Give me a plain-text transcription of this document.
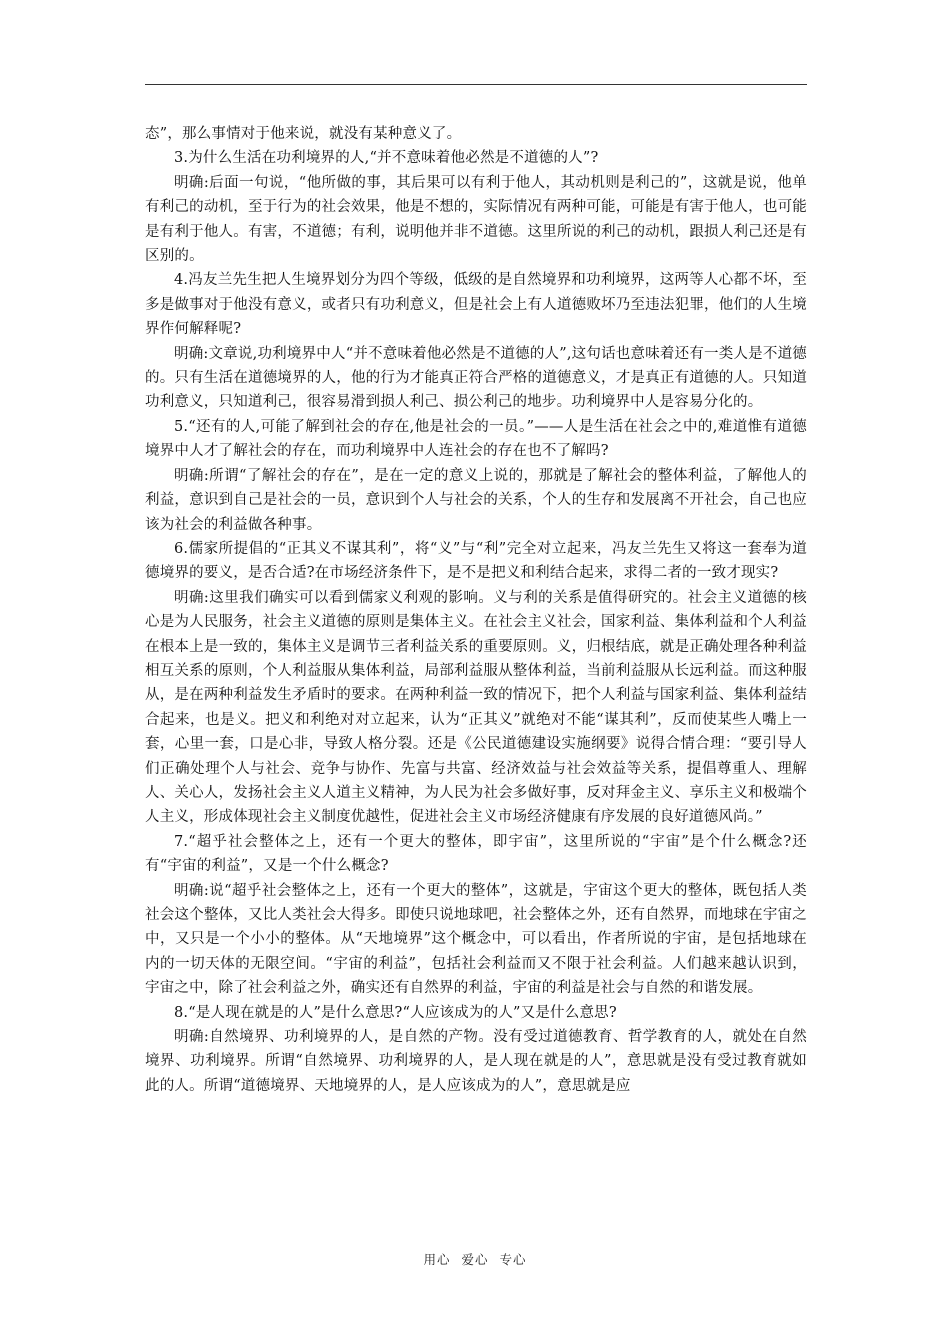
态”，那么事情对于他来说，就没有某种意义了。

3.为什么生活在功利境界的人,“并不意味着他必然是不道德的人”?

明确:后面一句说，“他所做的事，其后果可以有利于他人，其动机则是利己的”，这就是说，他单有利己的动机，至于行为的社会效果，他是不想的，实际情况有两种可能，可能是有害于他人，也可能是有利于他人。有害，不道德；有利，说明他并非不道德。这里所说的利己的动机，跟损人利己还是有区别的。

4.冯友兰先生把人生境界划分为四个等级，低级的是自然境界和功利境界，这两等人心都不坏，至多是做事对于他没有意义，或者只有功利意义，但是社会上有人道德败坏乃至违法犯罪，他们的人生境界作何解释呢?

明确:文章说,功利境界中人“并不意味着他必然是不道德的人”,这句话也意味着还有一类人是不道德的。只有生活在道德境界的人，他的行为才能真正符合严格的道德意义，才是真正有道德的人。只知道功利意义，只知道利己，很容易滑到损人利己、损公利己的地步。功利境界中人是容易分化的。

5.“还有的人,可能了解到社会的存在,他是社会的一员。”——人是生活在社会之中的,难道惟有道德境界中人才了解社会的存在，而功利境界中人连社会的存在也不了解吗?

明确:所谓“了解社会的存在”，是在一定的意义上说的，那就是了解社会的整体利益，了解他人的利益，意识到自己是社会的一员，意识到个人与社会的关系，个人的生存和发展离不开社会，自己也应该为社会的利益做各种事。

6.儒家所提倡的“正其义不谋其利”，将“义”与“利”完全对立起来，冯友兰先生又将这一套奉为道德境界的要义，是否合适?在市场经济条件下，是不是把义和利结合起来，求得二者的一致才现实?

明确:这里我们确实可以看到儒家义利观的影响。义与利的关系是值得研究的。社会主义道德的核心是为人民服务，社会主义道德的原则是集体主义。在社会主义社会，国家利益、集体利益和个人利益在根本上是一致的，集体主义是调节三者利益关系的重要原则。义，归根结底，就是正确处理各种利益相互关系的原则，个人利益服从集体利益，局部利益服从整体利益，当前利益服从长远利益。而这种服从，是在两种利益发生矛盾时的要求。在两种利益一致的情况下，把个人利益与国家利益、集体利益结合起来，也是义。把义和利绝对对立起来，认为“正其义”就绝对不能“谋其利”，反而使某些人嘴上一套，心里一套，口是心非，导致人格分裂。还是《公民道德建设实施纲要》说得合情合理：“要引导人们正确处理个人与社会、竞争与协作、先富与共富、经济效益与社会效益等关系，提倡尊重人、理解人、关心人，发扬社会主义人道主义精神，为人民为社会多做好事，反对拜金主义、享乐主义和极端个人主义，形成体现社会主义制度优越性，促进社会主义市场经济健康有序发展的良好道德风尚。”

7.“超乎社会整体之上，还有一个更大的整体，即宇宙”，这里所说的“宇宙”是个什么概念?还有“宇宙的利益”，又是一个什么概念?

明确:说“超乎社会整体之上，还有一个更大的整体”，这就是，宇宙这个更大的整体，既包括人类社会这个整体，又比人类社会大得多。即使只说地球吧，社会整体之外，还有自然界，而地球在宇宙之中，又只是一个小小的整体。从“天地境界”这个概念中，可以看出，作者所说的宇宙，是包括地球在内的一切天体的无限空间。“宇宙的利益”，包括社会利益而又不限于社会利益。人们越来越认识到，宇宙之中，除了社会利益之外，确实还有自然界的利益，宇宙的利益是社会与自然的和谐发展。

8.“是人现在就是的人”是什么意思?“人应该成为的人”又是什么意思?

明确:自然境界、功利境界的人，是自然的产物。没有受过道德教育、哲学教育的人，就处在自然境界、功利境界。所谓“自然境界、功利境界的人，是人现在就是的人”，意思就是没有受过教育就如此的人。所谓“道德境界、天地境界的人，是人应该成为的人”，意思就是应

用心 爱心 专心
